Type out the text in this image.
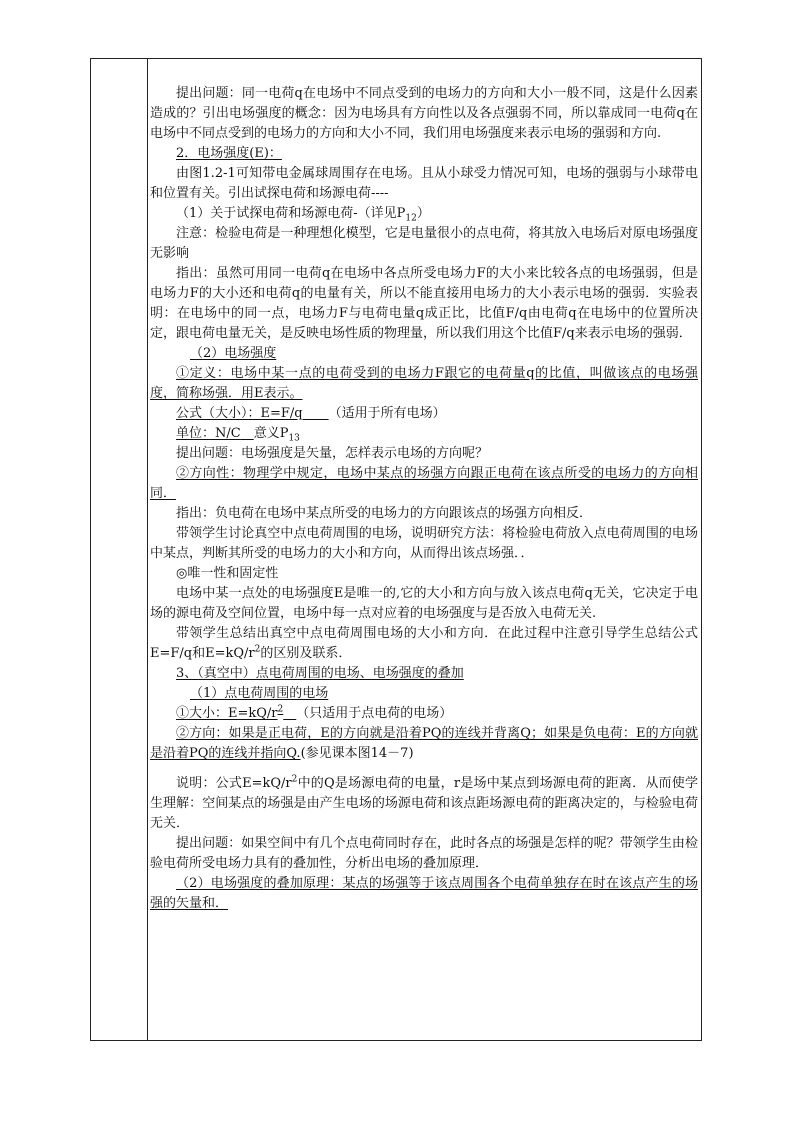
提出问题：同一电荷q在电场中不同点受到的电场力的方向和大小一般不同，这是什么因素造成的？引出电场强度的概念：因为电场具有方向性以及各点强弱不同，所以靠成同一电荷q在电场中不同点受到的电场力的方向和大小不同，我们用电场强度来表示电场的强弱和方向.

2．电场强度(E)：

由图1.2-1可知带电金属球周围存在电场。且从小球受力情况可知，电场的强弱与小球带电和位置有关。引出试探电荷和场源电荷----

（1）关于试探电荷和场源电荷-（详见$P_{12}$）

注意：检验电荷是一种理想化模型，它是电量很小的点电荷，将其放入电场后对原电场强度无影响

指出：虽然可用同一电荷q在电场中各点所受电场力F的大小来比较各点的电场强弱，但是电场力F的大小还和电荷q的电量有关，所以不能直接用电场力的大小表示电场的强弱．实验表明：在电场中的同一点，电场力F与电荷电量q成正比，比值F/q由电荷q在电场中的位置所决定，跟电荷电量无关，是反映电场性质的物理量，所以我们用这个比值F/q来表示电场的强弱．

（2）电场强度

①定义：电场中某一点的电荷受到的电场力F跟它的电荷量q的比值，叫做该点的电场强度，简称场强．用E表示。

公式（大小）：E=F/q   （适用于所有电场）

单位：N/C  意义$P_{13}$

提出问题：电场强度是矢量，怎样表示电场的方向呢？

②方向性：物理学中规定，电场中某点的场强方向跟正电荷在该点所受的电场力的方向相同．

指出：负电荷在电场中某点所受的电场力的方向跟该点的场强方向相反．

带领学生讨论真空中点电荷周围的电场，说明研究方法：将检验电荷放入点电荷周围的电场中某点，判断其所受的电场力的大小和方向，从而得出该点场强．．

◎唯一性和固定性

电场中某一点处的电场强度E是唯一的,它的大小和方向与放入该点电荷q无关，它决定于电场的源电荷及空间位置，电场中每一点对应着的电场强度与是否放入电荷无关.

带领学生总结出真空中点电荷周围电场的大小和方向．在此过程中注意引导学生总结公式E=F/q和$E=kQ/r^2$的区别及联系．

3、（真空中）点电荷周围的电场、电场强度的叠加

（1）点电荷周围的电场

①大小：$E=kQ/r^2$  （只适用于点电荷的电场）

②方向：如果是正电荷，E的方向就是沿着PQ的连线并背离Q；如果是负电荷：E的方向就是沿着PQ的连线并指向Q.(参见课本图14－7)

说明：公式$E=kQ/r^2$中的Q是场源电荷的电量，r是场中某点到场源电荷的距离．从而使学生理解：空间某点的场强是由产生电场的场源电荷和该点距场源电荷的距离决定的，与检验电荷无关．

提出问题：如果空间中有几个点电荷同时存在，此时各点的场强是怎样的呢？带领学生由检验电荷所受电场力具有的叠加性，分析出电场的叠加原理．

（2）电场强度的叠加原理：某点的场强等于该点周围各个电荷单独存在时在该点产生的场强的矢量和．
